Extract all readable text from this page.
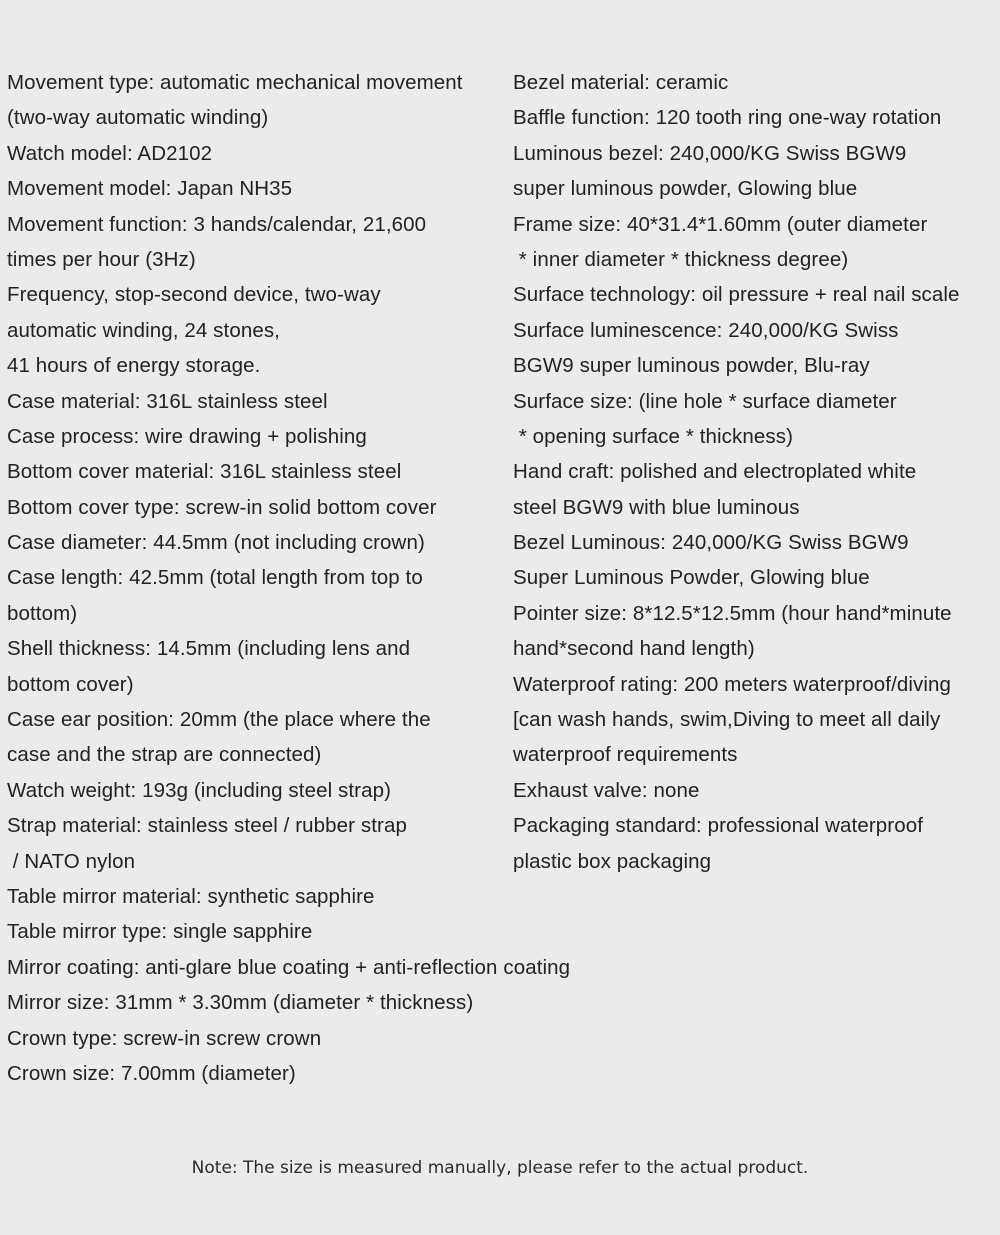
Movement type: automatic mechanical movement
(two-way automatic winding)
Watch model: AD2102
Movement model: Japan NH35
Movement function: 3 hands/calendar, 21,600
times per hour (3Hz)
Frequency, stop-second device, two-way
automatic winding, 24 stones,
41 hours of energy storage.
Case material: 316L stainless steel
Case process: wire drawing + polishing
Bottom cover material: 316L stainless steel
Bottom cover type: screw-in solid bottom cover
Case diameter: 44.5mm (not including crown)
Case length: 42.5mm (total length from top to
bottom)
Shell thickness: 14.5mm (including lens and
bottom cover)
Case ear position: 20mm (the place where the
case and the strap are connected)
Watch weight: 193g (including steel strap)
Strap material: stainless steel / rubber strap
/ NATO nylon
Table mirror material: synthetic sapphire
Table mirror type: single sapphire
Mirror coating: anti-glare blue coating + anti-reflection coating
Mirror size: 31mm * 3.30mm (diameter * thickness)
Crown type: screw-in screw crown
Crown size: 7.00mm (diameter)
Bezel material: ceramic
Baffle function: 120 tooth ring one-way rotation
Luminous bezel: 240,000/KG Swiss BGW9
super luminous powder, Glowing blue
Frame size: 40*31.4*1.60mm (outer diameter
* inner diameter * thickness degree)
Surface technology: oil pressure + real nail scale
Surface luminescence: 240,000/KG Swiss
BGW9 super luminous powder, Blu-ray
Surface size: (line hole * surface diameter
* opening surface * thickness)
Hand craft: polished and electroplated white
steel BGW9 with blue luminous
Bezel Luminous: 240,000/KG Swiss BGW9
Super Luminous Powder, Glowing blue
Pointer size: 8*12.5*12.5mm (hour hand*minute
hand*second hand length)
Waterproof rating: 200 meters waterproof/diving
[can wash hands, swim,Diving to meet all daily
waterproof requirements
Exhaust valve: none
Packaging standard: professional waterproof
plastic box packaging
Note: The size is measured manually, please refer to the actual product.
